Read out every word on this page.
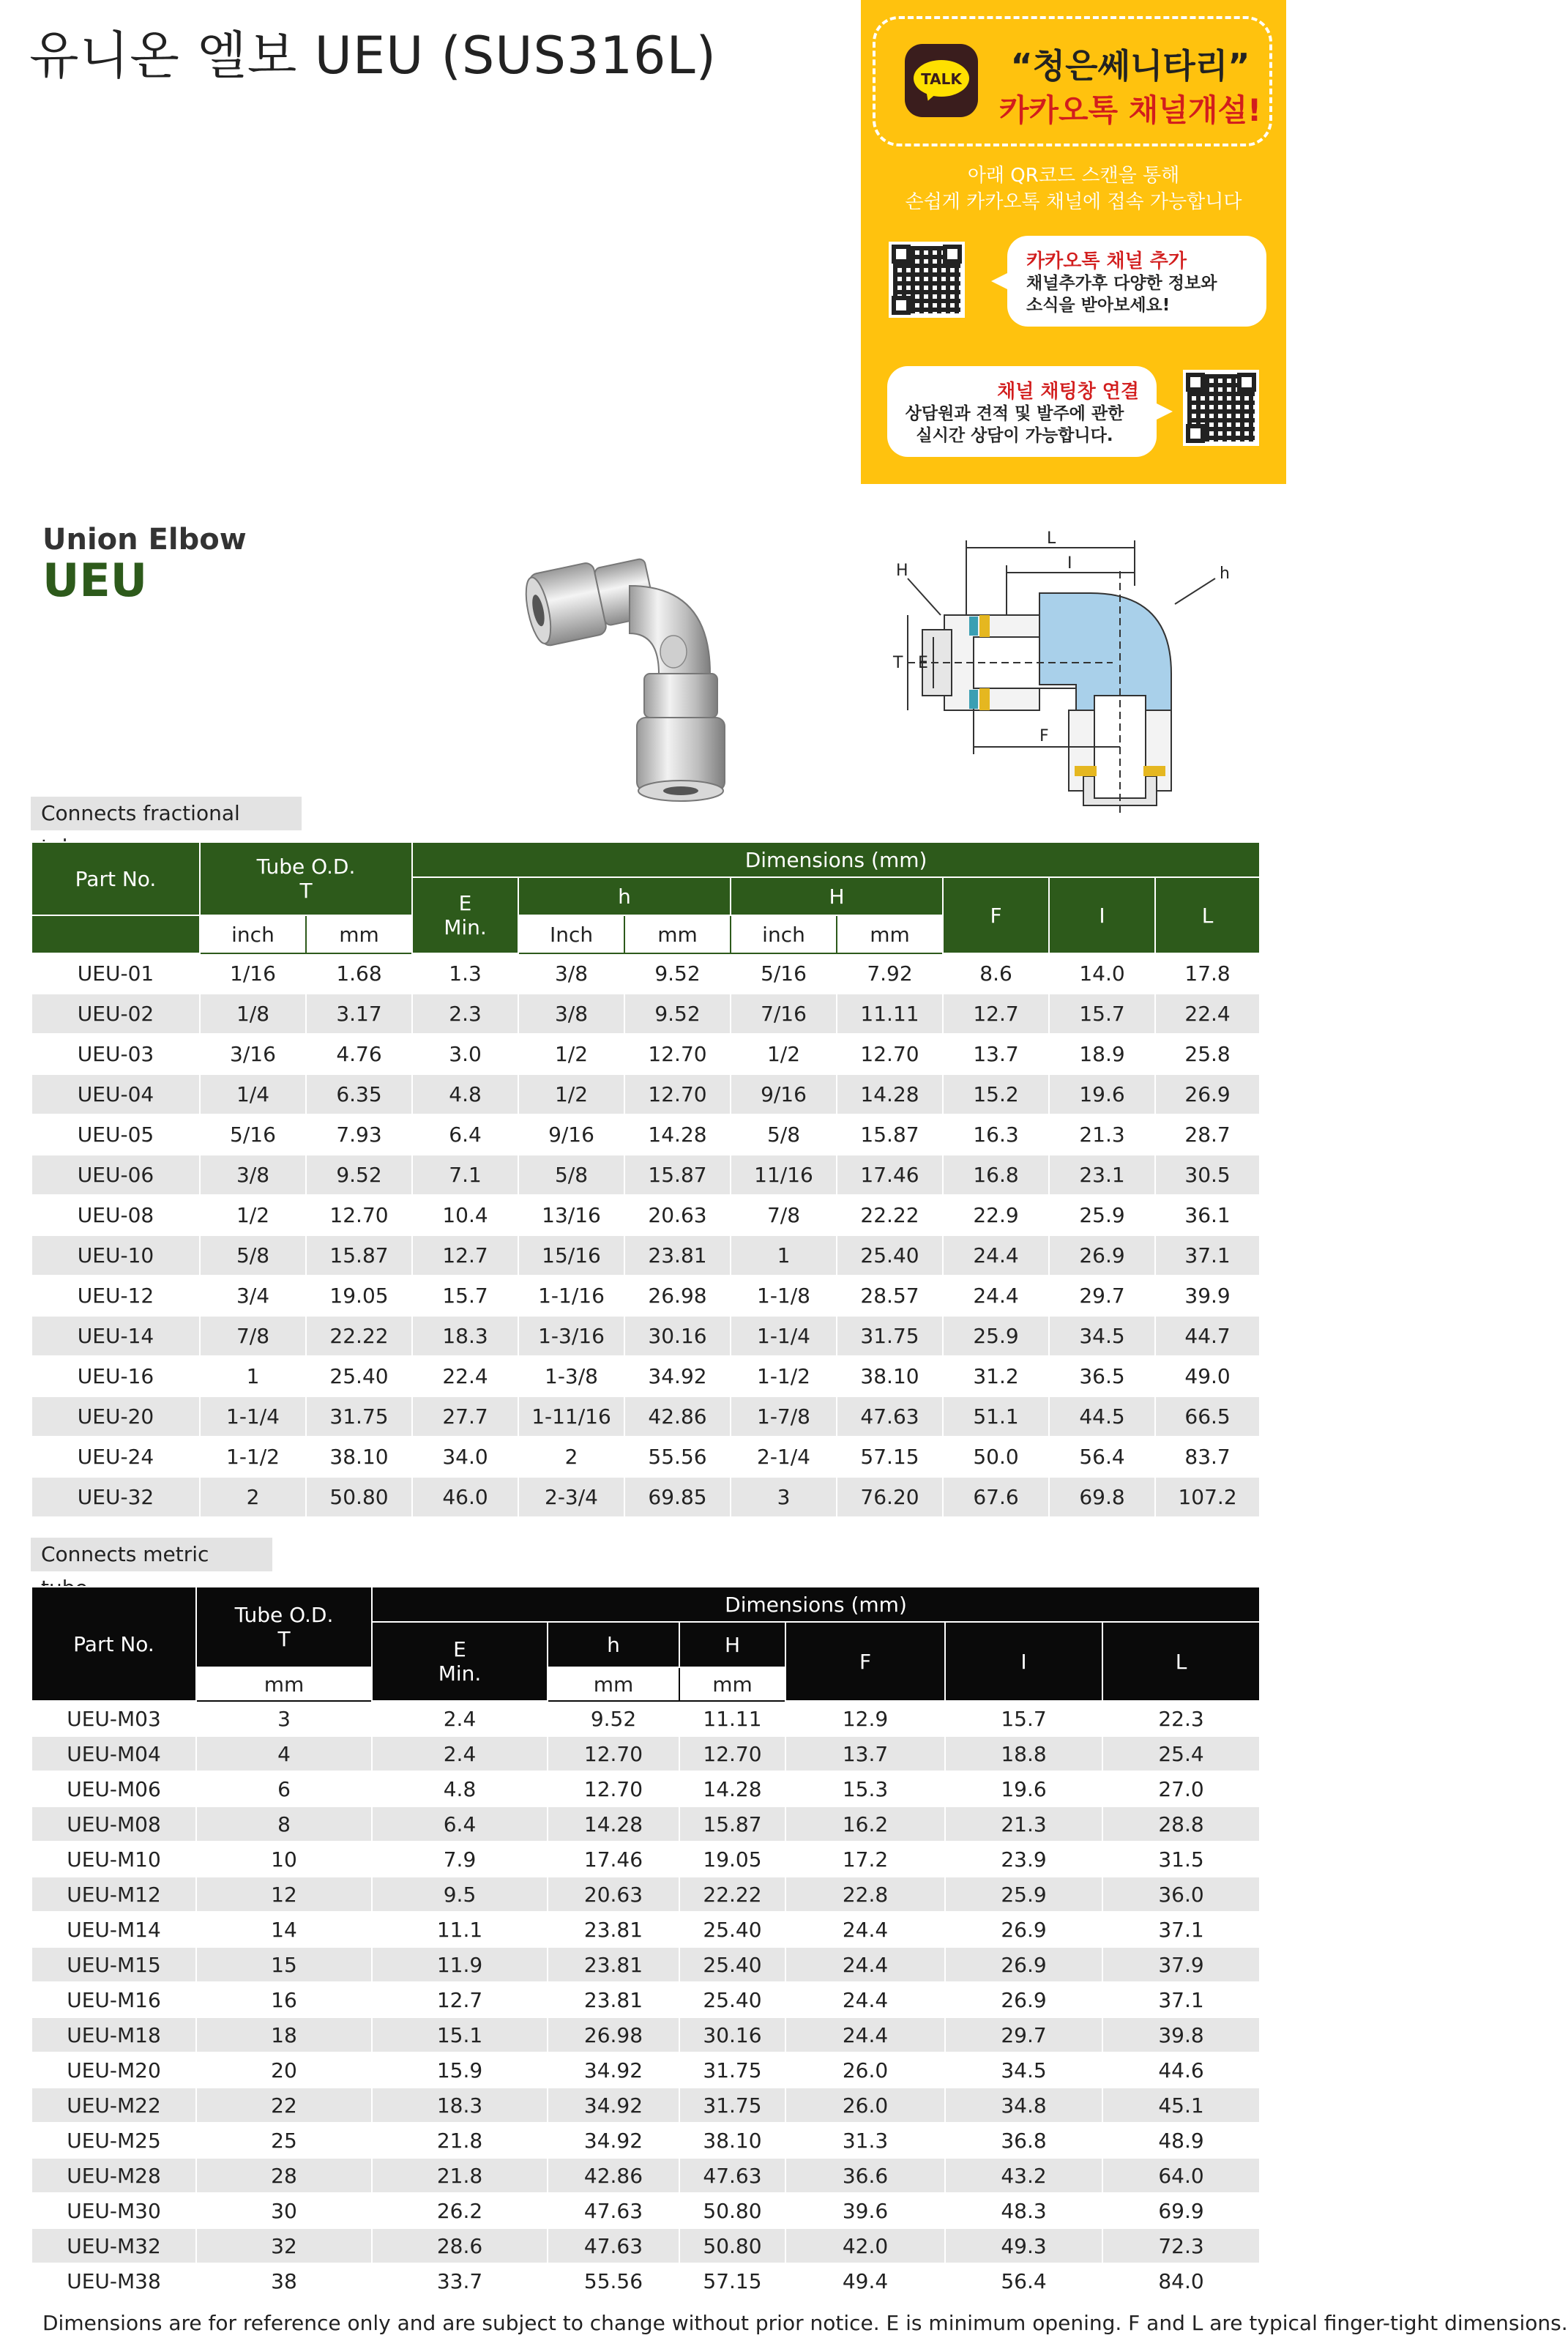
유니온 엘보 UEU (SUS316L)	TALK	“청은쎄니타리”
카카오톡 채널개설!
아래 QR코드 스캔을 통해
손쉽게 카카오톡 채널에 접속 가능합니다
카카오톡 채널 추가
채널추가후 다양한 정보와
소식을 받아보세요!
채널 채팅창 연결
상담원과 견적 및 발주에 관한
실시간 상담이 가능합니다.
Union Elbow
UEU
L
I
H	h
T E
F
Connects fractional
Part No.	Tube O.D.
T		Dimensions (mm)							

			E
Min.	h		H		F	I	L
	inch	mm		Inch	mm	inch	mm			
UEU-01	1/16	1.68	1.3	3/8	9.52	5/16	7.92	8.6	14.0	17.8
UEU-02	1/8	3.17	2.3	3/8	9.52	7/16	11.11	12.7	15.7	22.4
UEU-03	3/16	4.76	3.0	1/2	12.70	1/2	12.70	13.7	18.9	25.8
UEU-04	1/4	6.35	4.8	1/2	12.70	9/16	14.28	15.2	19.6	26.9
UEU-05	5/16	7.93	6.4	9/16	14.28	5/8	15.87	16.3	21.3	28.7
UEU-06	3/8	9.52	7.1	5/8	15.87	11/16	17.46	16.8	23.1	30.5
UEU-08	1/2	12.70	10.4	13/16	20.63	7/8	22.22	22.9	25.9	36.1
UEU-10	5/8	15.87	12.7	15/16	23.81	1	25.40	24.4	26.9	37.1
UEU-12	3/4	19.05	15.7	1-1/16	26.98	1-1/8	28.57	24.4	29.7	39.9
UEU-14	7/8	22.22	18.3	1-3/16	30.16	1-1/4	31.75	25.9	34.5	44.7
UEU-16	1	25.40	22.4	1-3/8	34.92	1-1/2	38.10	31.2	36.5	49.0
UEU-20	1-1/4	31.75	27.7	1-11/16	42.86	1-7/8	47.63	51.1	44.5	66.5
UEU-24	1-1/2	38.10	34.0	2	55.56	2-1/4	57.15	50.0	56.4	83.7
UEU-32	2	50.80	46.0	2-3/4	69.85	3	76.20	67.6	69.8	107.2
Connects metric
Part No.	Tube O.D.
T	Dimensions (mm)					

		E
Min.	h	H	F	I	L
	mm		mm	mm			
UEU-M03	3	2.4	9.52	11.11	12.9	15.7	22.3
UEU-M04	4	2.4	12.70	12.70	13.7	18.8	25.4
UEU-M06	6	4.8	12.70	14.28	15.3	19.6	27.0
UEU-M08	8	6.4	14.28	15.87	16.2	21.3	28.8
UEU-M10	10	7.9	17.46	19.05	17.2	23.9	31.5
UEU-M12	12	9.5	20.63	22.22	22.8	25.9	36.0
UEU-M14	14	11.1	23.81	25.40	24.4	26.9	37.1
UEU-M15	15	11.9	23.81	25.40	24.4	26.9	37.9
UEU-M16	16	12.7	23.81	25.40	24.4	26.9	37.1
UEU-M18	18	15.1	26.98	30.16	24.4	29.7	39.8
UEU-M20	20	15.9	34.92	31.75	26.0	34.5	44.6
UEU-M22	22	18.3	34.92	31.75	26.0	34.8	45.1
UEU-M25	25	21.8	34.92	38.10	31.3	36.8	48.9
UEU-M28	28	21.8	42.86	47.63	36.6	43.2	64.0
UEU-M30	30	26.2	47.63	50.80	39.6	48.3	69.9
UEU-M32	32	28.6	47.63	50.80	42.0	49.3	72.3
UEU-M38	38	33.7	55.56	57.15	49.4	56.4	84.0
Dimensions are for reference only and are subject to change without prior notice. E is minimum opening. F and L are typical finger-tight dimensions.
